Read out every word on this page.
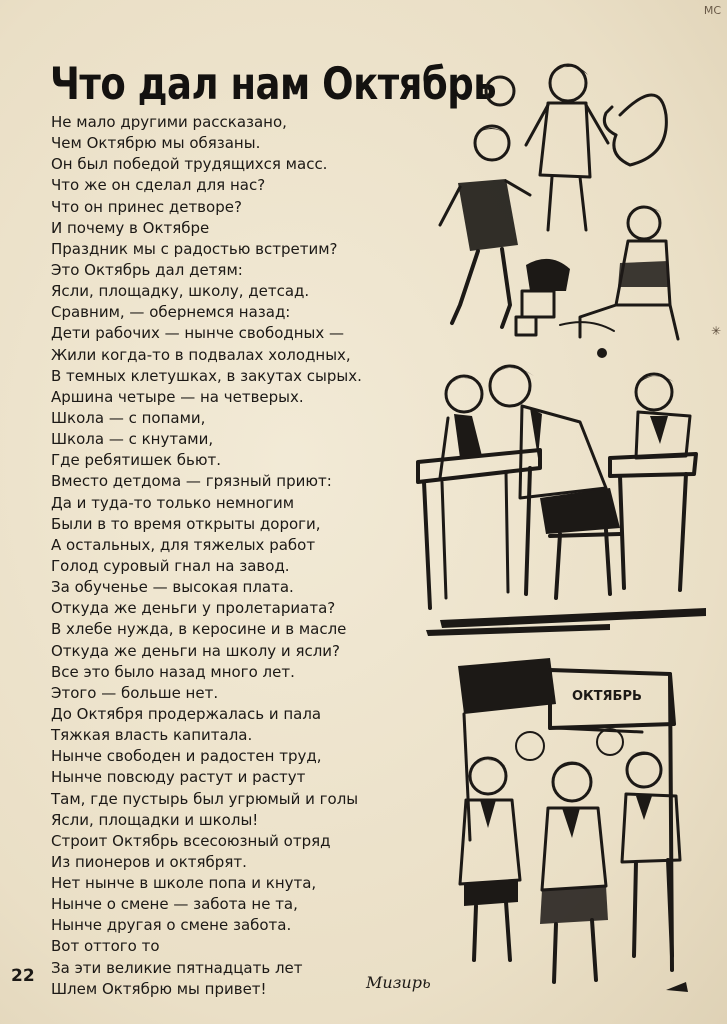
МС
✳
Что дал нам Октябрь
Не мало другими рассказано,
Чем Октябрю мы обязаны.
Он был победой трудящихся масс.
Что же он сделал для нас?
Что он принес детворе?
И почему в Октябре
Праздник мы с радостью встретим?
Это Октябрь дал детям:
Ясли, площадку, школу, детсад.
Сравним, — обернемся назад:
Дети рабочих — нынче свободных —
Жили когда-то в подвалах холодных,
В темных клетушках, в закутах сырых.
Аршина четыре — на четверых.
Школа — с попами,
Школа — с кнутами,
Где ребятишек бьют.
Вместо детдома — грязный приют:
Да и туда-то только немногим
Были в то время открыты дороги,
А остальных, для тяжелых работ
Голод суровый гнал на завод.
За обученье — высокая плата.
Откуда же деньги у пролетариата?
В хлебе нужда, в керосине и в масле
Откуда же деньги на школу и ясли?
Все это было назад много лет.
Этого — больше нет.
До Октября продержалась и пала
Тяжкая власть капитала.
Нынче свободен и радостен труд,
Нынче повсюду растут и растут
Там, где пустырь был угрюмый и голы
Ясли, площадки и школы!
Строит Октябрь всесоюзный отряд
Из пионеров и октябрят.
Нет нынче в школе попа и кнута,
Нынче о смене — забота не та,
Нынче другая о смене забота.
Вот оттого то
За эти великие пятнадцать лет
Шлем Октябрю мы привет!
ОКТЯБРЬ
22	Мизирь
